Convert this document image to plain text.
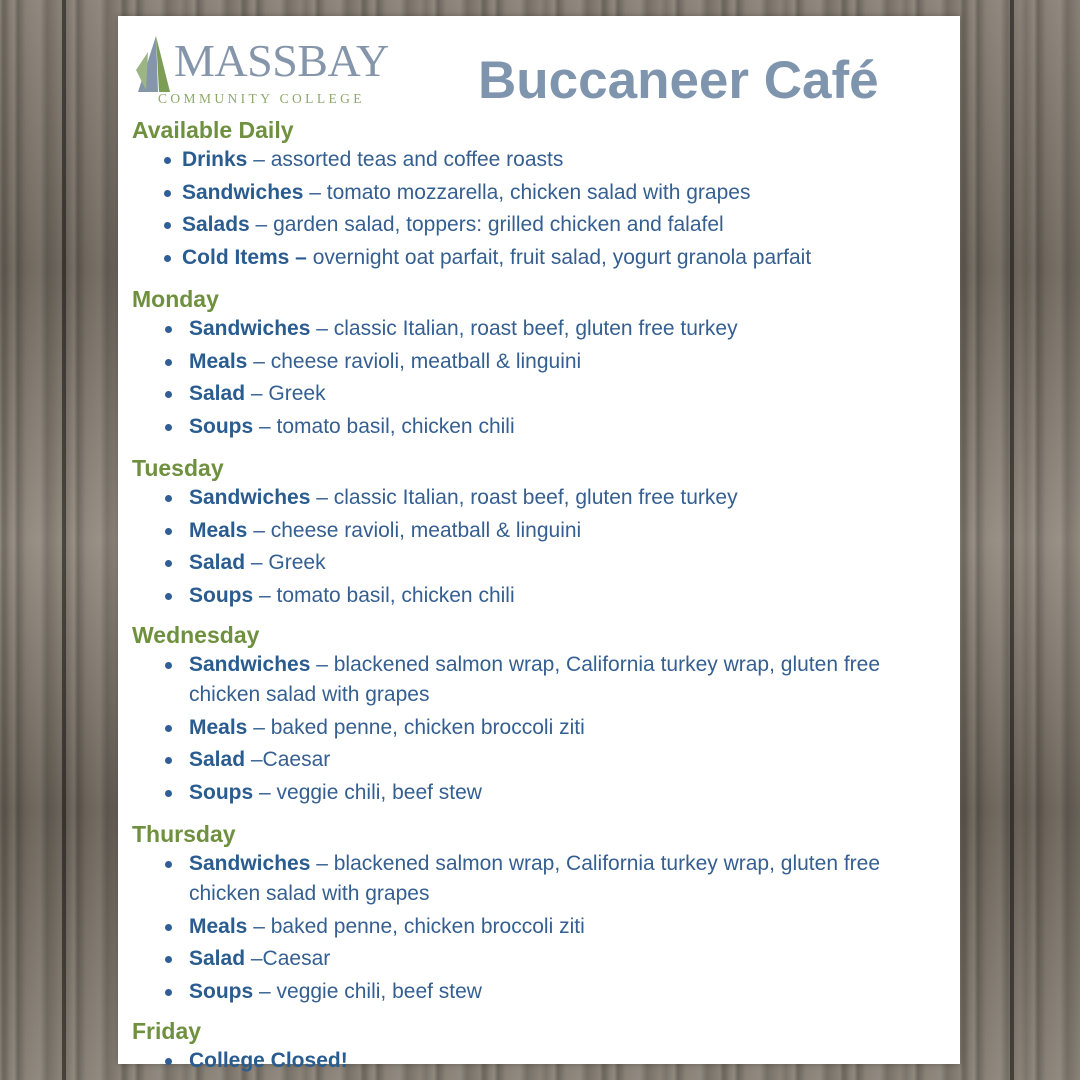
MASSBAY
COMMUNITY COLLEGE Buccaneer Café
Available Daily
Drinks – assorted teas and coffee roasts
Sandwiches – tomato mozzarella, chicken salad with grapes
Salads – garden salad, toppers: grilled chicken and falafel
Cold Items – overnight oat parfait, fruit salad, yogurt granola parfait
Monday
Sandwiches – classic Italian, roast beef, gluten free turkey
Meals – cheese ravioli, meatball & linguini
Salad – Greek
Soups – tomato basil, chicken chili
Tuesday
Sandwiches – classic Italian, roast beef, gluten free turkey
Meals – cheese ravioli, meatball & linguini
Salad – Greek
Soups – tomato basil, chicken chili
Wednesday
Sandwiches – blackened salmon wrap, California turkey wrap, gluten free chicken salad with grapes
Meals – baked penne, chicken broccoli ziti
Salad –Caesar
Soups – veggie chili, beef stew
Thursday
Sandwiches – blackened salmon wrap, California turkey wrap, gluten free chicken salad with grapes
Meals – baked penne, chicken broccoli ziti
Salad –Caesar
Soups – veggie chili, beef stew
Friday
College Closed!
